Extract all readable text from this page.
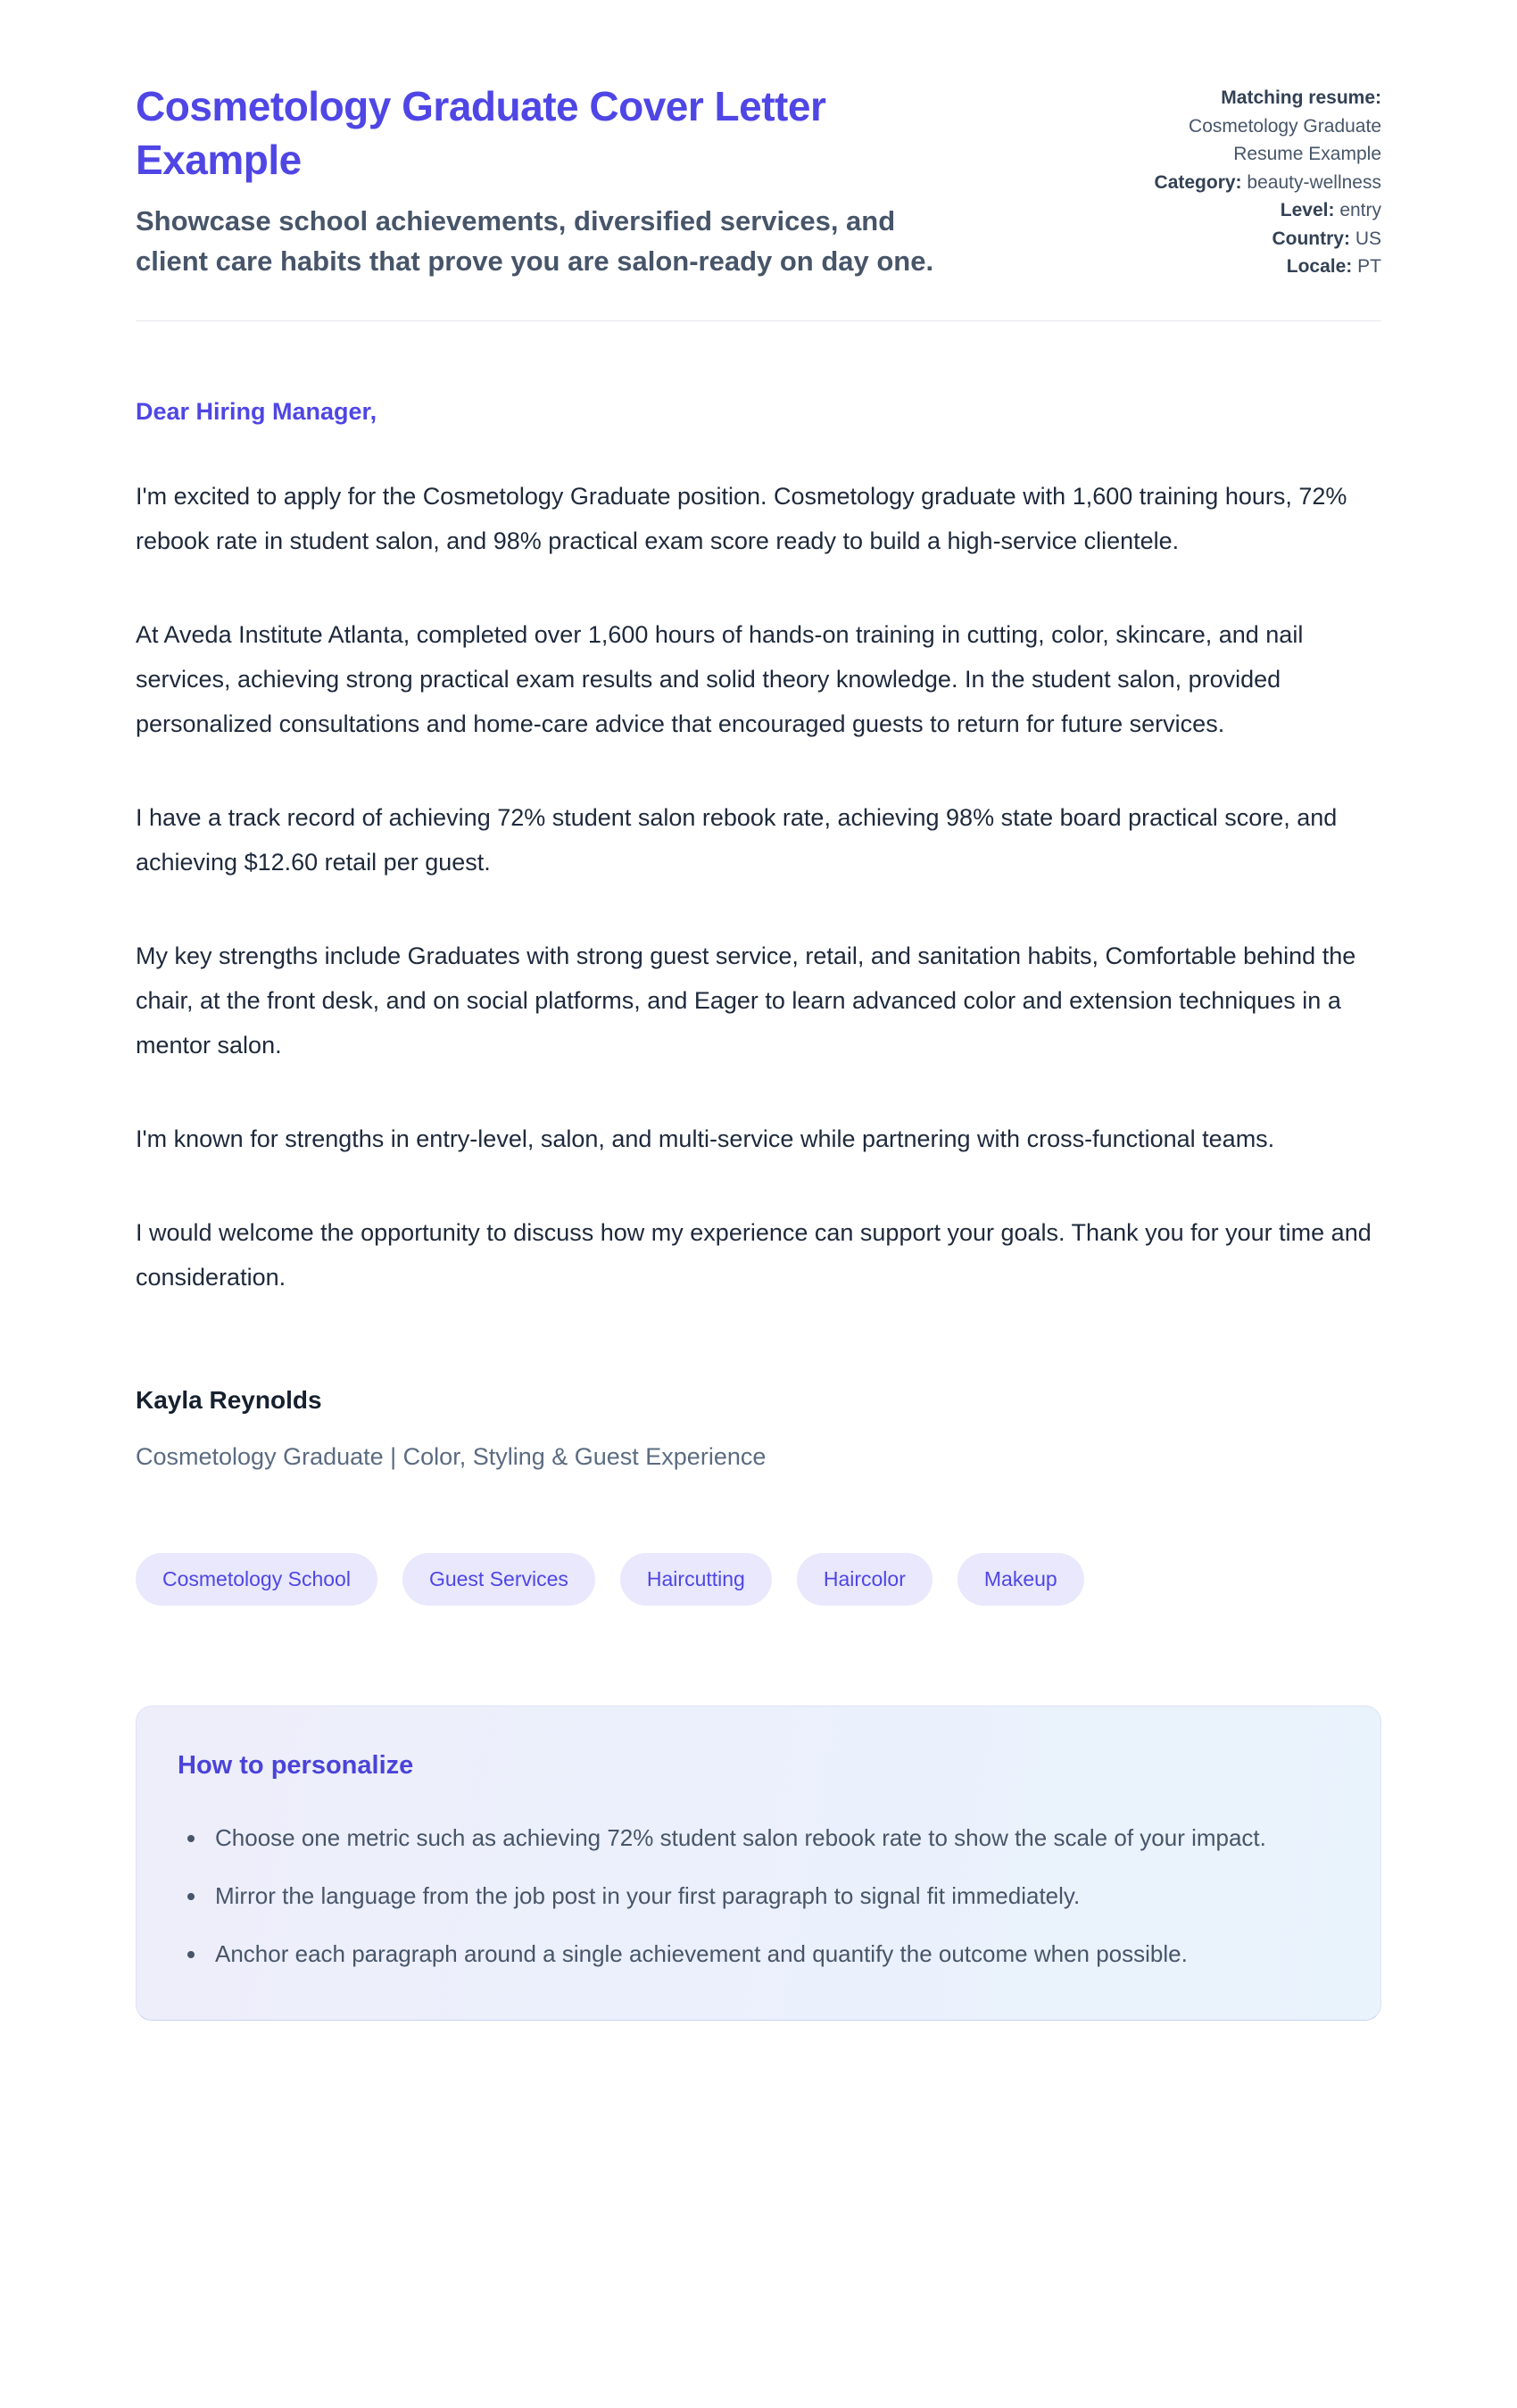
Cosmetology Graduate Cover Letter Example
Showcase school achievements, diversified services, and client care habits that prove you are salon-ready on day one.

Matching resume:
Cosmetology Graduate Resume Example

Category: beauty-wellness

Level: entry

Country: US

Locale: PT

Dear Hiring Manager,

I'm excited to apply for the Cosmetology Graduate position. Cosmetology graduate with 1,600 training hours, 72% rebook rate in student salon, and 98% practical exam score ready to build a high-service clientele.

At Aveda Institute Atlanta, completed over 1,600 hours of hands-on training in cutting, color, skincare, and nail services, achieving strong practical exam results and solid theory knowledge. In the student salon, provided personalized consultations and home-care advice that encouraged guests to return for future services.

I have a track record of achieving 72% student salon rebook rate, achieving 98% state board practical score, and achieving $12.60 retail per guest.

My key strengths include Graduates with strong guest service, retail, and sanitation habits, Comfortable behind the chair, at the front desk, and on social platforms, and Eager to learn advanced color and extension techniques in a mentor salon.

I'm known for strengths in entry-level, salon, and multi-service while partnering with cross-functional teams.

I would welcome the opportunity to discuss how my experience can support your goals. Thank you for your time and consideration.

Kayla Reynolds
Cosmetology Graduate | Color, Styling & Guest Experience
Cosmetology School	Guest Services	Haircutting	Haircolor	Makeup
How to personalize
• Choose one metric such as achieving 72% student salon rebook rate to show the scale of your impact.
• Mirror the language from the job post in your first paragraph to signal fit immediately.
• Anchor each paragraph around a single achievement and quantify the outcome when possible.
